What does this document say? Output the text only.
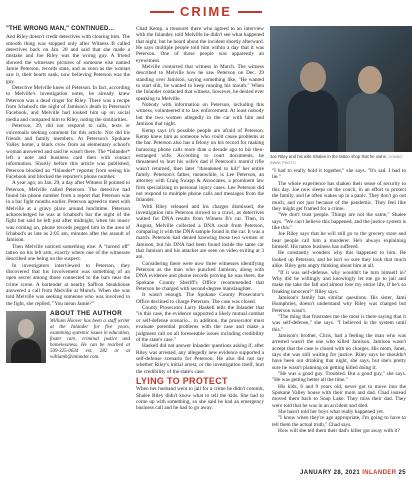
CRIME
"THE WRONG MAN," CONTINUED...

And Riley doesn't credit detectives with clearing him. The smooth thing was stopped only after Witness B called detectives back on Jan. 28 and said that she made a mistake and Joe Riley was the wrong guy. A friend showed the witnesses pictures of someone else named Jamie Peterson, records state, and as soon as the woman saw it, their hearts sank, now believing Peterson was the guy.

Detective Melville knew of Peterson. In fact, according to Melville's investigation notes, he already knew Peterson was a dead ringer for Riley. There was a recipe from Ichabod's the night of Jamison's death in Peterson's Facebook, and Melville had looked him up on social media and compared him to Riley, noting the similarities.

Peterson, 39, did not respond to calls, texts or voicemails seeking comment for this article. Nor did his friends and family members. At Peterson's Spokane Valley home, a black crow from an elementary school's woman answered and said he wasn't there. The *Inlander* left a note and business card then with contact information. Shortly before this article was published, Peterson blocked an *Inlander* reporter from seeing his Facebook and blocked the reporter's phone number.

A year ago, on Jan. 29, a day after Witness B pointed to Peterson, Melville called Peterson. The detective had found his phone number from a report that Peterson was in a bar fight months earlier. Peterson agreed to meet with Melville at a gravy place around lunchtime. Peterson acknowledged he was at Ichabod's bar the night of the fight but said he left just after midnight, when his music was coming on, phone records pegged him in the area of Ichabod's as late as 2:05 am, minutes after the assault of Jamison.

Then Melville noticed something else: A "turned off" tattoo on his left arm, exactly where one of the witnesses described one being on the suspect.

In investigators interviewed to Peterson, they discovered that his involvement was something of an open secret among those connected to the bars near the crime scene. A bartender at nearby Saffron Steakhouse answered a call from Melville at Munch. When she was told Melville was seeking someone who was involved in the fight, she replied, "You mean Jamie?"

ABOUT THE AUTHOR
William Hoover has been a staff writer at the Inlander for five years, examining systemic issues in education, foster care, criminal justice and homelessness. He can be reached at 509-325-0634 ext. 282 or at williamh@inlander.com.

Chad Kemp, a treasurer there who agreed to an interview with the Inlander, told Melville he didn't see what happened that night, but he heard about the incident shortly afterward. He says multiple people told him within a day that it was Peterson. One of those people was apparently an eyewitness.

Melville contacted that witness in March. The witness described to Melville how he saw Peterson on Dec. 29 standing over Jamison, saying something like, "He wanted to start shit, he wanted to keep running his mouth." When the Inlander contacted that witness, however, he denied ever speaking to Melville.

Nobody with information on Peterson, including this witness, volunteered it to law enforcement. At least nobody but the two women allegedly in the car with him and Jamison that night.

Kemp says it's possible people are afraid of Peterson. Kemp knew him as someone who could cause problems at the bar. Peterson also has a felony on his record for making harassing phone calls more than a decade ago to his then-estranged wife. According to court documents, he threatened to hurt his wife's dad if Peterson's mom'd rifle wasn't returned, then later "threatened to kill" her entire family. Peterson's father, meanwhile, is Lee Peterson, an attorney with Craig Swapp & Associates, a prominent law firm specializing in personal injury cases. Lee Peterson did not respond to multiple phone calls and messages from the Inlander.

With Riley released and his charges dismissed, the investigation into Peterson slowed to a crawl, as detectives waited for DNA results from Witness B's car. Then, in August, Melville collected a DNA swab from Peterson, comparing it with the DNA sample found in the car. It was a match. Peterson had denied knowing those two women or Jamison, but his DNA had been found inside the same car that Jamison and his attacker are seen on video exiting at 3 am.

Considering there were now three witnesses identifying Peterson as the man who punched Jamison, along with DNA evidence and phone records proving he was there, the Spokane County Sheriff's Office recommended that Peterson be charged with second-degree manslaughter.

It wasn't enough. The Spokane County Prosecutor's Office declined to charge Peterson. The case was closed.

County Prosecutor Larry Haskell tells the Inlander that "in this case, the evidence supported a likely mutual combat or self-defense scenario... in addition, the prosecutor must evaluate potential problems with the case and make a judgment call on all foreseeable issues including credibility of the state's case."

Haskell did not answer Inlander questions asking if, after Riley was arrested, any allegedly new evidence supported a self-defense scenario for Peterson. He also did not say whether Riley's initial arrest, or the investigation itself, hurt the credibility of the state's case.

LYING TO PROTECT

When her husband went to jail for a crime he didn't commit, Shalee Riley didn't know what to tell the kids. She had to come up with something, so she said he had an emergency business call and he had to go away.

Joe Riley and his wife Shalee in the tattoo shop that he owns. YOUNG KWAK PHOTO

"I had to really hold it together," she says. "It's sad. I had to lie."

The whole experience has shaken their sense of security to this day. Joe now sleeps on the couch, in an effort to protect the family, and he often wakes up in a panic. They don't go out much, and not just because of the pandemic. They feel like they might get framed for a crime.

"We don't trust people. Things are not the same," Shalee says. "We can't believe this happened, and the justice system is like this."

Joe Riley says that he will still go to the grocery store and hear people call him a murderer. He's always explaining himself. His tattoo business has suffered.

He constantly wonders why this happened to him. He looked up Peterson, and he isn't so sure they look that much alike. Riley gets angry thinking about him at all.

"If it was self-defense, why wouldn't he turn himself in? Why did he willingly and knowingly let me go to jail and make me take the fall and almost lose my entire life, if he's so freaking innocent?" Riley says.

Jamison's family has similar questions. His sister, Jami Humphries, doesn't understand why Riley was charged but Peterson wasn't.

"The thing that frustrates me the most is there saying that it was self-defense," she says. "I believed in the system until this."

Jamison's brother, Chris, had a feeling the man who was arrested wasn't the one who killed Jamison. Jamison wasn't accept that the case is closed with no charges. His mom, Janet, says she was still waiting for justice. Riley says he shouldn't have been out drinking that night, she says, but she's pretty sure he wasn't planning on getting killed doing it.

"He was a good guy. Troubled. But a good guy," she says. "He was getting better all the time."

His kids, 6 and 9 years old, never got to move into the Spokane Valley house with their mom and dad. Chad instead moved them back to Soap Lake. They miss their dad. They were told that he was in an accident and died.

She hasn't told her boys what really happened yet.

"I know when they're age appropriate, I'm going to have to tell them the actual truth," Chad says.

How will she tell them their dad's killer got away with it?

JANUARY 28, 2021 INLANDER 25
